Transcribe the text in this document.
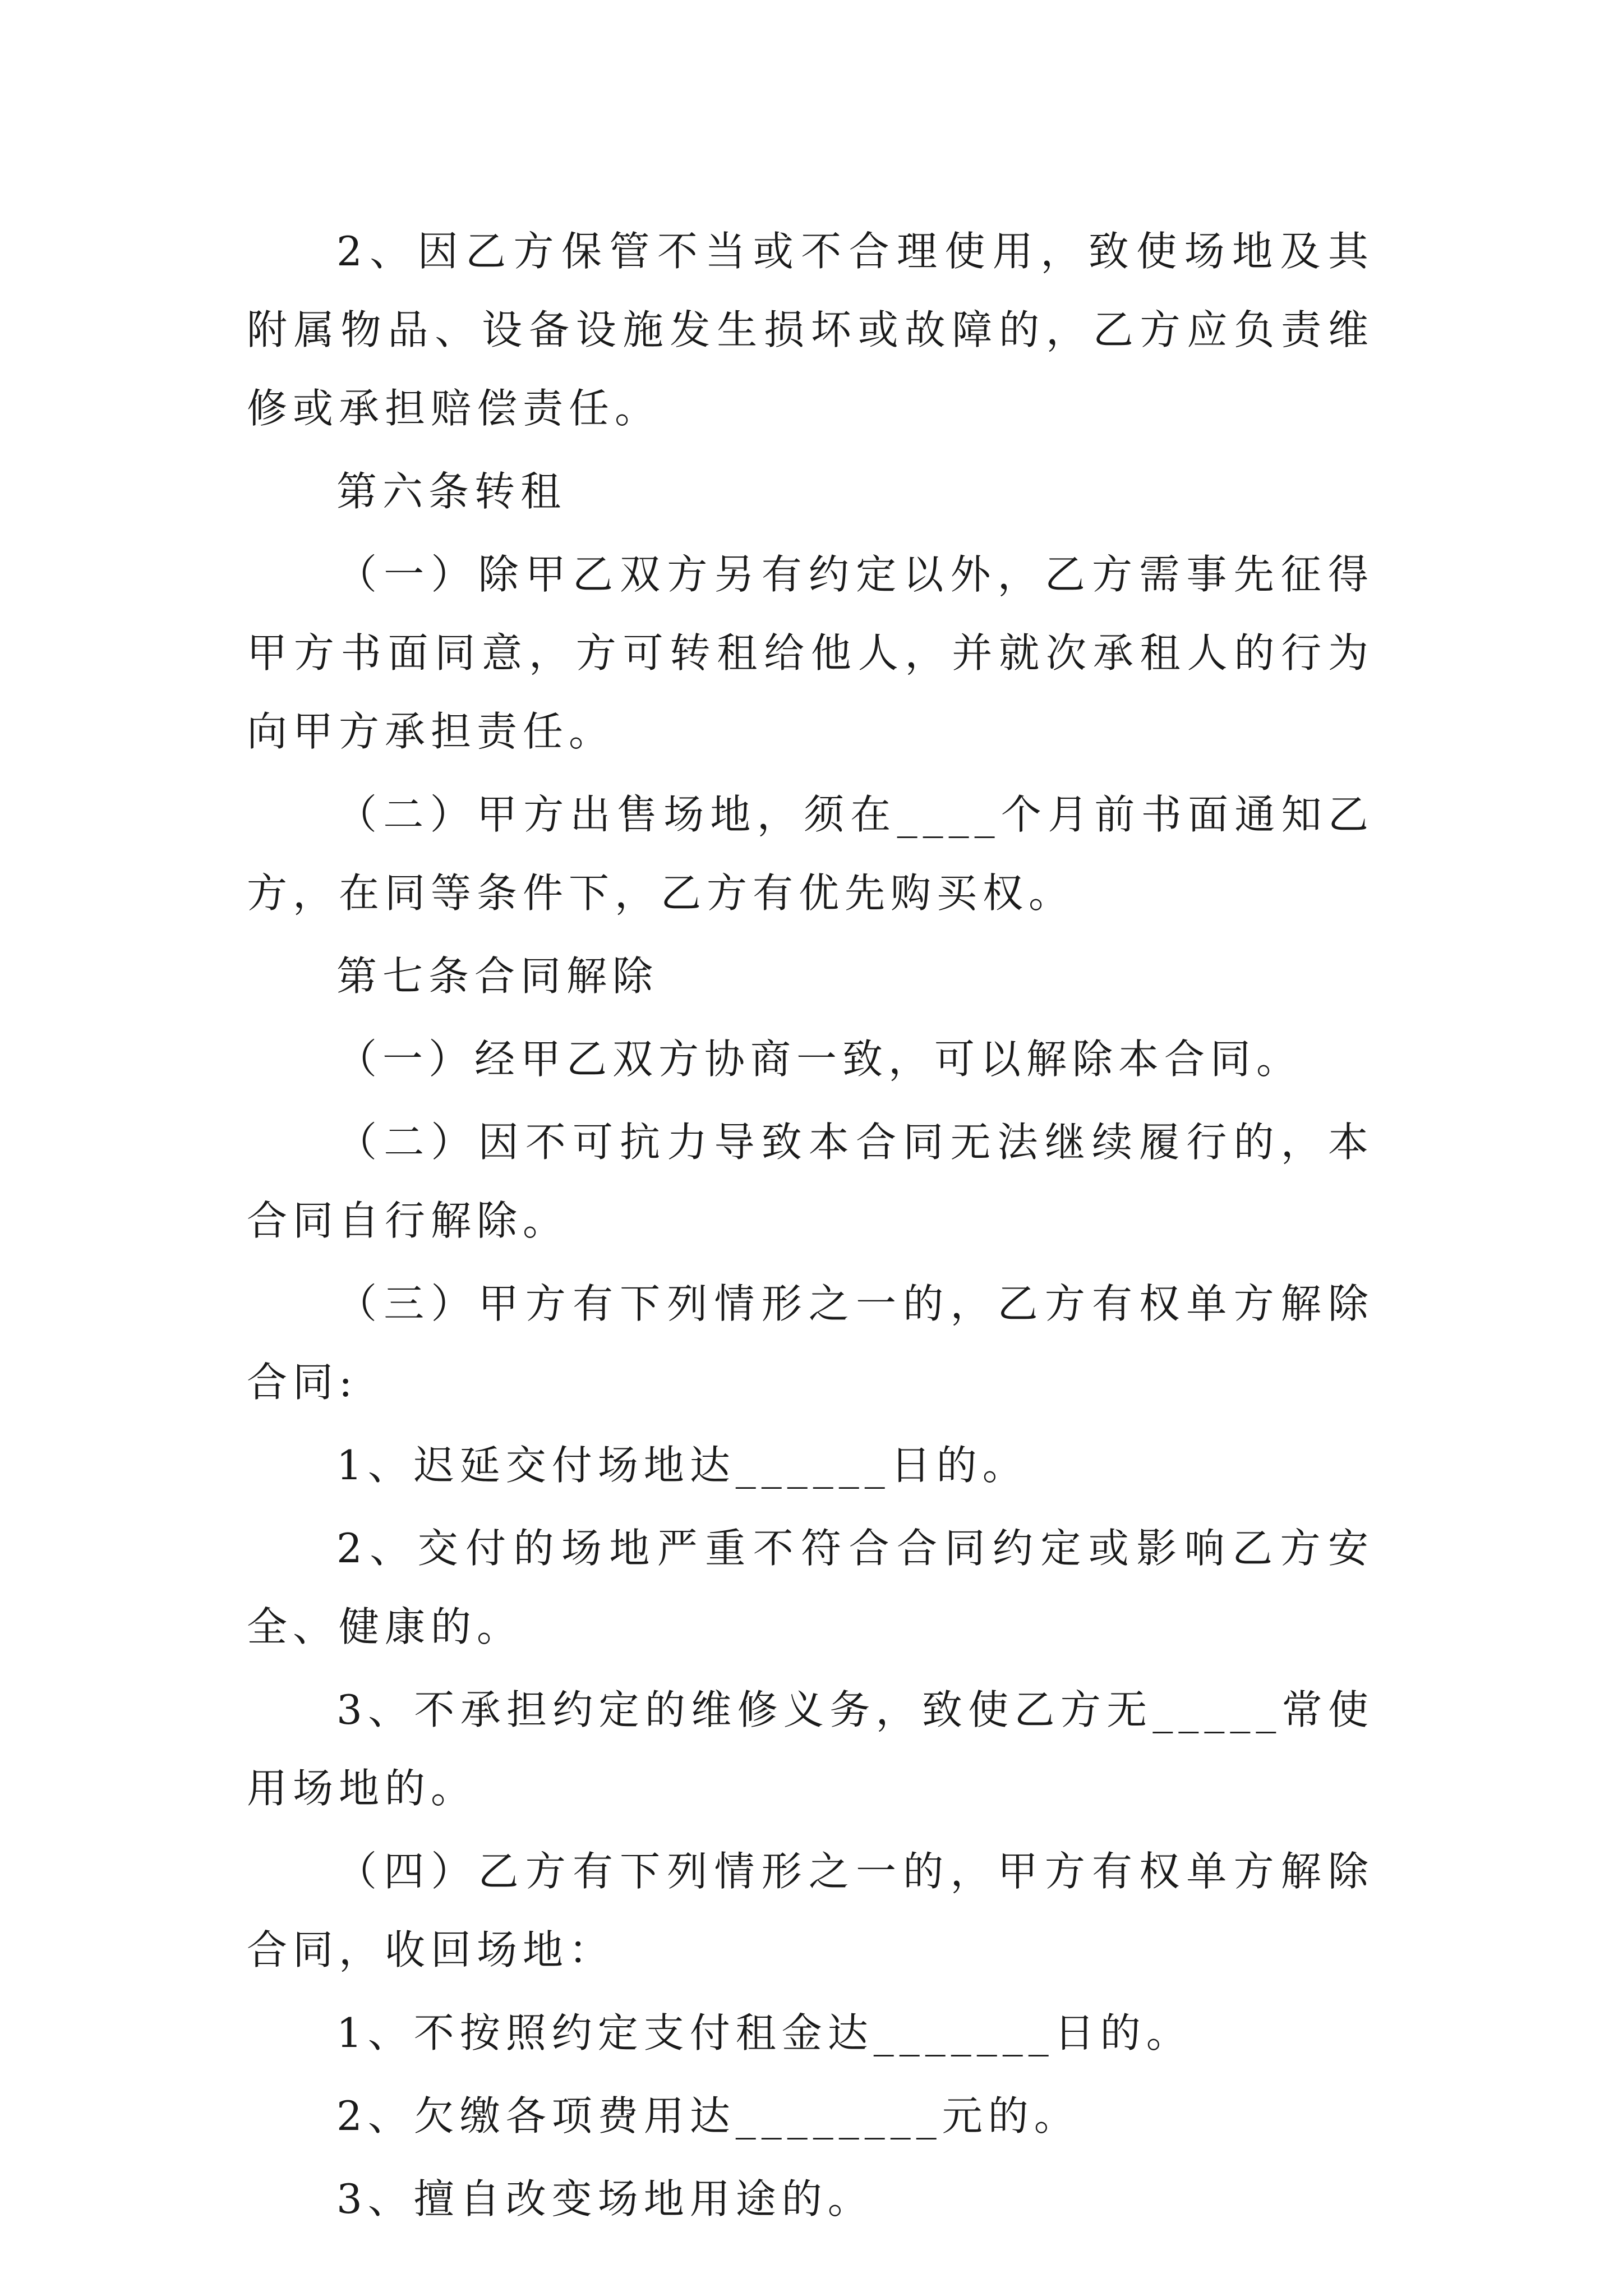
2、因乙方保管不当或不合理使用，致使场地及其附属物品、设备设施发生损坏或故障的，乙方应负责维修或承担赔偿责任。

第六条转租

（一）除甲乙双方另有约定以外，乙方需事先征得甲方书面同意，方可转租给他人，并就次承租人的行为向甲方承担责任。

（二）甲方出售场地，须在____个月前书面通知乙方，在同等条件下，乙方有优先购买权。

第七条合同解除

（一）经甲乙双方协商一致，可以解除本合同。

（二）因不可抗力导致本合同无法继续履行的，本合同自行解除。

（三）甲方有下列情形之一的，乙方有权单方解除合同:

1、迟延交付场地达______日的。

2、交付的场地严重不符合合同约定或影响乙方安全、健康的。

3、不承担约定的维修义务，致使乙方无_____常使用场地的。

（四）乙方有下列情形之一的，甲方有权单方解除合同，收回场地：

1、不按照约定支付租金达_______日的。

2、欠缴各项费用达________元的。

3、擅自改变场地用途的。
